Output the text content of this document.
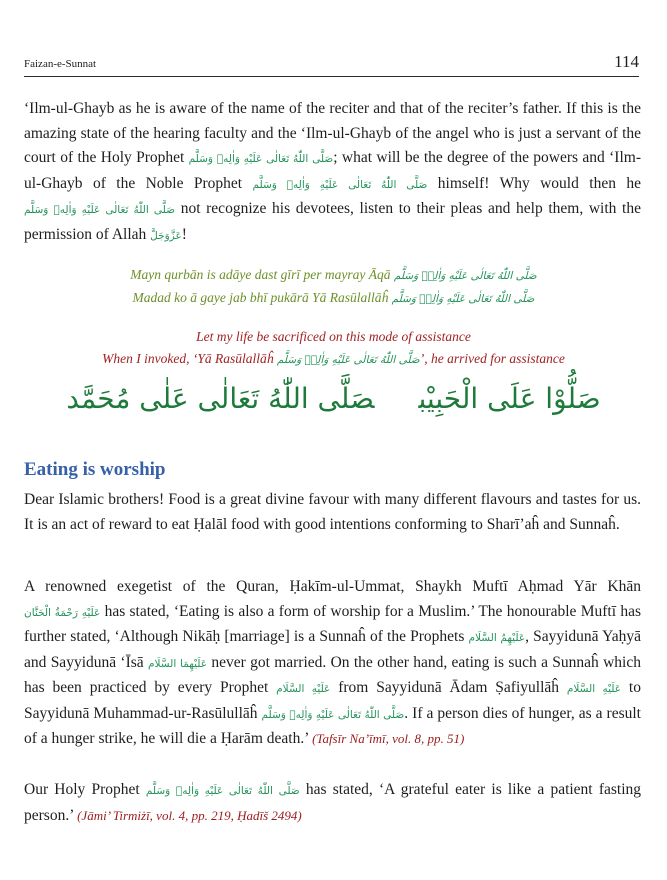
Faizan-e-Sunnat	114

‘Ilm-ul-Ghayb as he is aware of the name of the reciter and that of the reciter’s father. If this is the amazing state of the hearing faculty and the ‘Ilm-ul-Ghayb of the angel who is just a servant of the court of the Holy Prophet صَلَّى اللّٰهُ تَعَالٰى عَلَيْهِ وَاٰلِهٖ وَسَلَّم; what will be the degree of the powers and ‘Ilm-ul-Ghayb of the Noble Prophet صَلَّى اللّٰهُ تَعَالٰى عَلَيْهِ وَاٰلِهٖ وَسَلَّم himself! Why would then he صَلَّى اللّٰهُ تَعَالٰى عَلَيْهِ وَاٰلِهٖ وَسَلَّم not recognize his devotees, listen to their pleas and help them, with the permission of Allah عَزَّوَجَلَّ!

Mayn qurbān is adāye dast gīrī per mayray Āqā صَلَّى اللّٰهُ تَعَالٰى عَلَيْهِ وَاٰلِهٖ وَسَلَّم
Madad ko ā gaye jab bhī pukārā Yā Rasūlallāĥ صَلَّى اللّٰهُ تَعَالٰى عَلَيْهِ وَاٰلِهٖ وَسَلَّم
Let my life be sacrificed on this mode of assistance
When I invoked, ‘Yā Rasūlallāĥ صَلَّى اللّٰهُ تَعَالٰى عَلَيْهِ وَاٰلِهٖ وَسَلَّم’, he arrived for assistance
صَلُّوْا عَلَى الْحَبِيْبصَلَّى اللّٰهُ تَعَالٰى عَلٰى مُحَمَّد
Eating is worship

Dear Islamic brothers! Food is a great divine favour with many different flavours and tastes for us. It is an act of reward to eat Ḥalāl food with good intentions conforming to Sharī’aĥ and Sunnaĥ.

A renowned exegetist of the Quran, Ḥakīm-ul-Ummat, Shaykh Muftī Aḥmad Yār Khān عَلَيْهِ رَحْمَةُ الْحَنَّان has stated, ‘Eating is also a form of worship for a Muslim.’ The honourable Muftī has further stated, ‘Although Nikāḥ [marriage] is a Sunnaĥ of the Prophets عَلَيْهِمُ السَّلَام, Sayyidunā Yaḥyā and Sayyidunā ‘Īsā عَلَيْهِمَا السَّلَام never got married. On the other hand, eating is such a Sunnaĥ which has been practiced by every Prophet عَلَيْهِ السَّلَام from Sayyidunā Ādam Ṣafiyullāĥ عَلَيْهِ السَّلَام to Sayyidunā Muhammad-ur-Rasūlullāĥ صَلَّى اللّٰهُ تَعَالٰى عَلَيْهِ وَاٰلِهٖ وَسَلَّم. If a person dies of hunger, as a result of a hunger strike, he will die a Ḥarām death.’ (Tafsīr Na’īmī, vol. 8, pp. 51)

Our Holy Prophet صَلَّى اللّٰهُ تَعَالٰى عَلَيْهِ وَاٰلِهٖ وَسَلَّم has stated, ‘A grateful eater is like a patient fasting person.’ (Jāmi’ Tirmiżī, vol. 4, pp. 219, Ḥadīš 2494)
